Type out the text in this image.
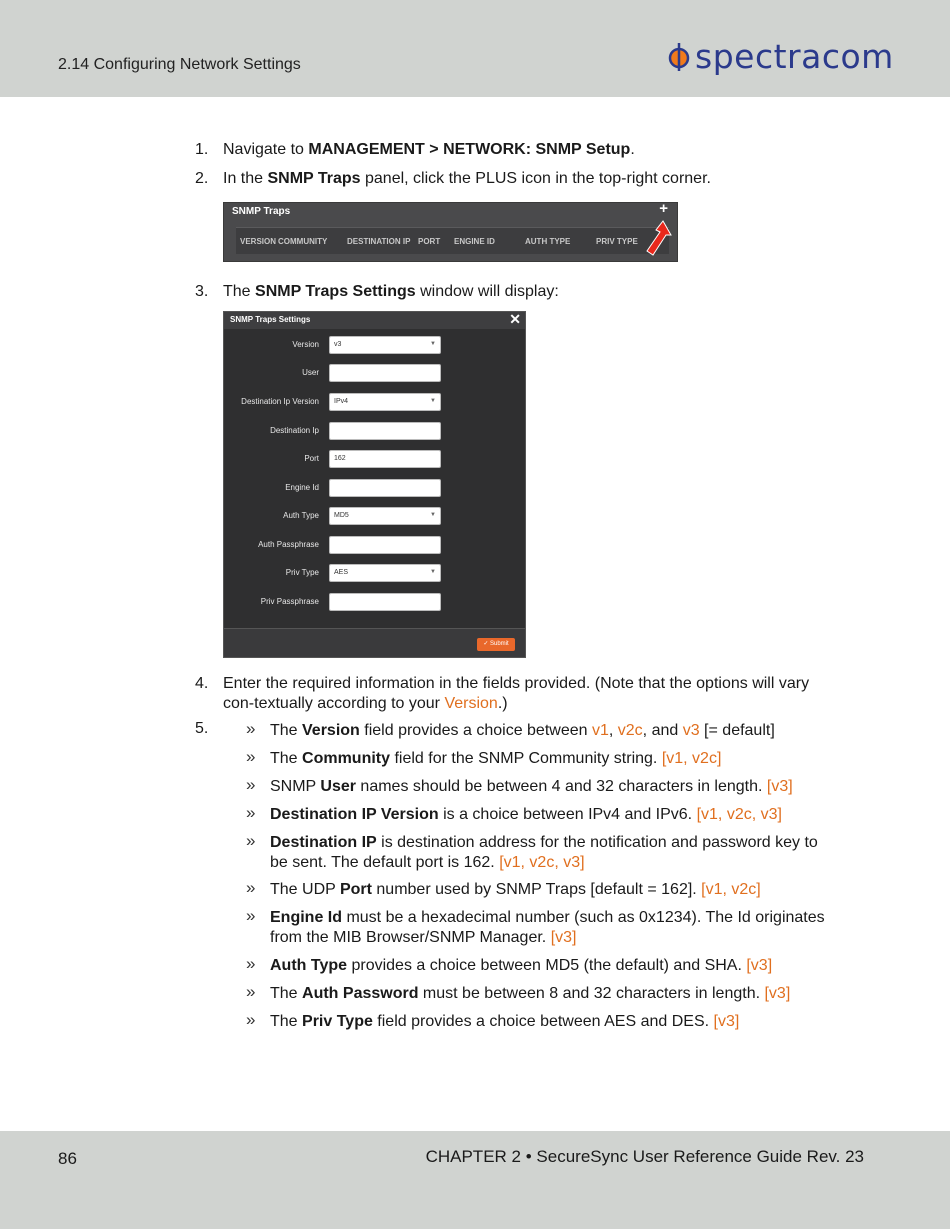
2.14 Configuring Network Settings	spectracom
1. Navigate to MANAGEMENT > NETWORK: SNMP Setup.
2. In the SNMP Traps panel, click the PLUS icon in the top-right corner.
SNMP Traps	+
VERSION COMMUNITY DESTINATION IP PORT ENGINE ID	AUTH TYPE	PRIV TYPE
3. The SNMP Traps Settings window will display:
SNMP Traps Settings	✕
Version v3	▼
User
Destination Ip Version IPv4	▼
Destination Ip
Port 162
Engine Id
Auth Type MD5	▼
Auth Passphrase
Priv Type AES	▼
Priv Passphrase
✓ Submit
4. Enter the required information in the fields provided. (Note that the options will vary con-textually according to your Version.)
5.	» The Version field provides a choice between v1, v2c, and v3 [= default]
» The Community field for the SNMP Community string. [v1, v2c]
» SNMP User names should be between 4 and 32 characters in length. [v3]
» Destination IP Version is a choice between IPv4 and IPv6. [v1, v2c, v3]
» Destination IP is destination address for the notification and password key to be sent. The default port is 162. [v1, v2c, v3]
» The UDP Port number used by SNMP Traps [default = 162]. [v1, v2c]
» Engine Id must be a hexadecimal number (such as 0x1234). The Id originates from the MIB Browser/SNMP Manager. [v3]
» Auth Type provides a choice between MD5 (the default) and SHA. [v3]
» The Auth Password must be between 8 and 32 characters in length. [v3]
» The Priv Type field provides a choice between AES and DES. [v3]
86	CHAPTER 2 • SecureSync User Reference Guide Rev. 23
